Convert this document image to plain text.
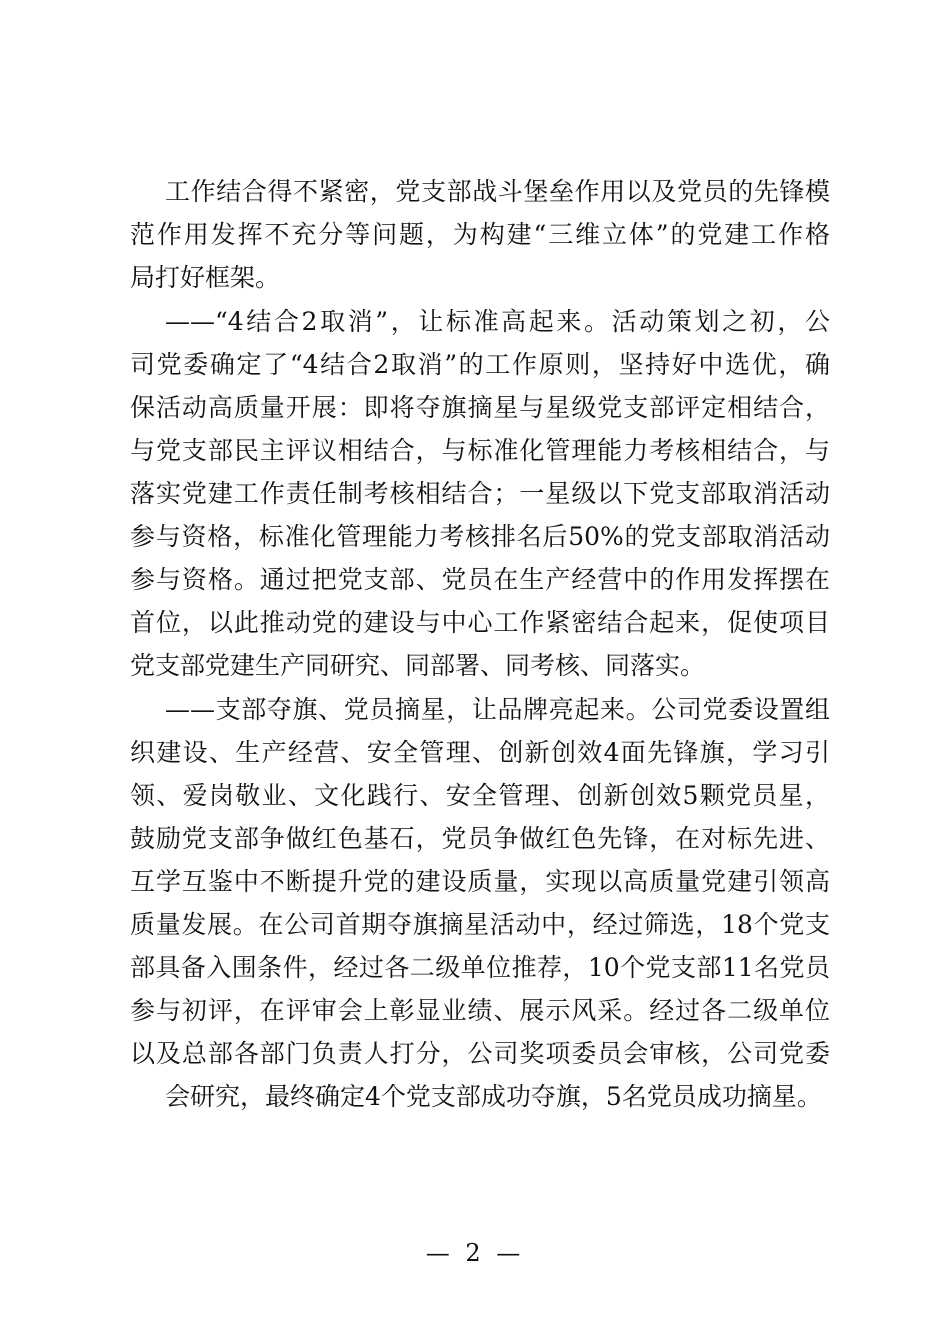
工作结合得不紧密，党支部战斗堡垒作用以及党员的先锋模
范作用发挥不充分等问题，为构建“三维立体”的党建工作格
局打好框架。
——“4结合2取消”，让标准高起来。活动策划之初，公
司党委确定了“4结合2取消”的工作原则，坚持好中选优，确
保活动高质量开展：即将夺旗摘星与星级党支部评定相结合，
与党支部民主评议相结合，与标准化管理能力考核相结合，与
落实党建工作责任制考核相结合；一星级以下党支部取消活动
参与资格，标准化管理能力考核排名后50%的党支部取消活动
参与资格。通过把党支部、党员在生产经营中的作用发挥摆在
首位，以此推动党的建设与中心工作紧密结合起来，促使项目
党支部党建生产同研究、同部署、同考核、同落实。
——支部夺旗、党员摘星，让品牌亮起来。公司党委设置组
织建设、生产经营、安全管理、创新创效4面先锋旗，学习引
领、爱岗敬业、文化践行、安全管理、创新创效5颗党员星，
鼓励党支部争做红色基石，党员争做红色先锋，在对标先进、
互学互鉴中不断提升党的建设质量，实现以高质量党建引领高
质量发展。在公司首期夺旗摘星活动中，经过筛选，18个党支
部具备入围条件，经过各二级单位推荐，10个党支部11名党员
参与初评，在评审会上彰显业绩、展示风采。经过各二级单位
以及总部各部门负责人打分，公司奖项委员会审核，公司党委
会研究，最终确定4个党支部成功夺旗，5名党员成功摘星。
— 2 —
